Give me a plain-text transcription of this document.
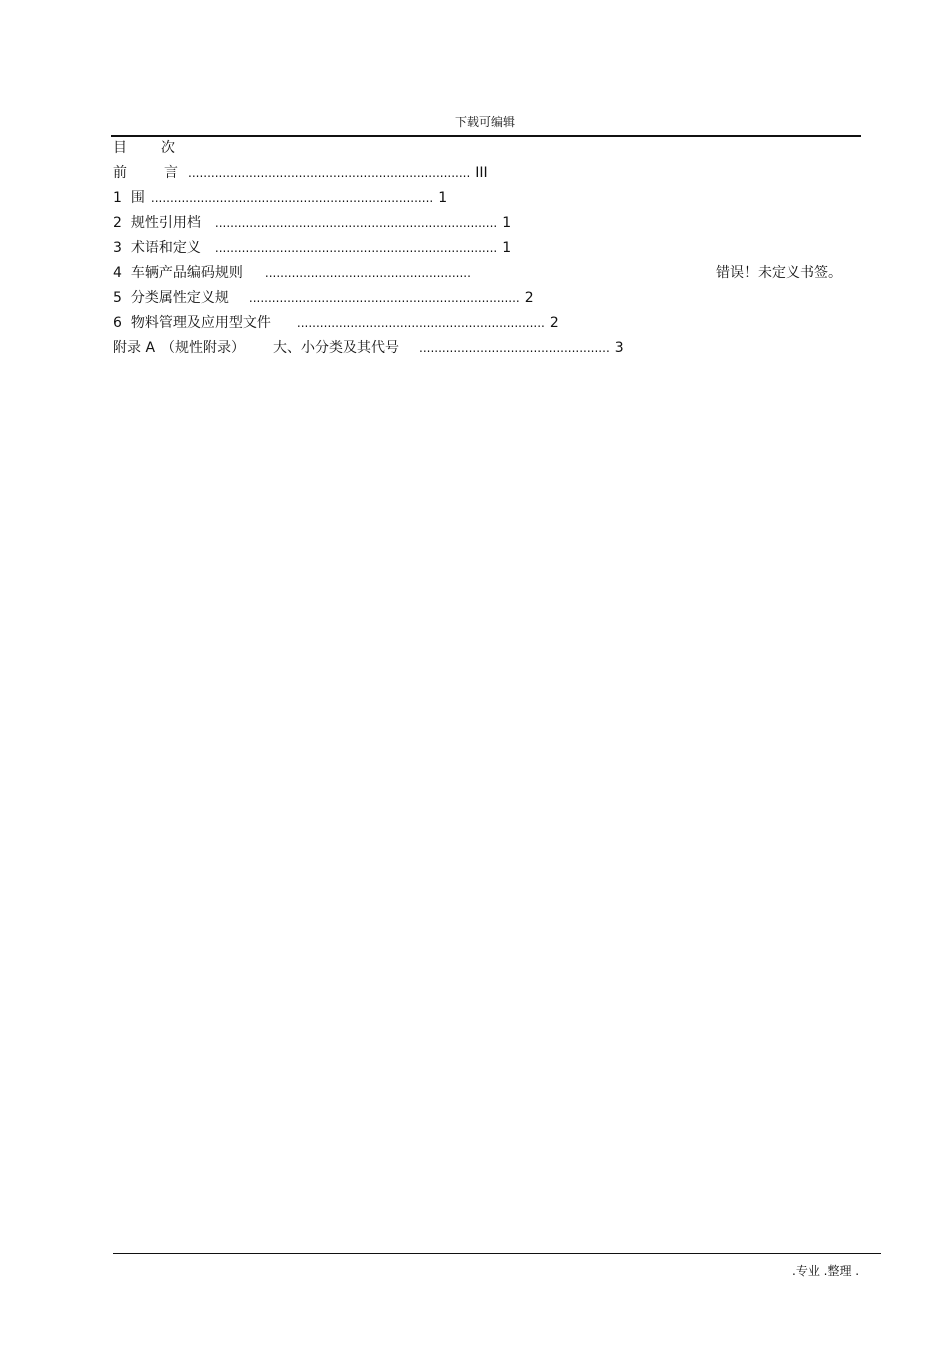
下载可编辑
目 次
前	言 .......................................................................... III
1 围 .......................................................................... 1
2 规性引用档 .......................................................................... 1
3 术语和定义 .......................................................................... 1
4 车辆产品编码规则 ......................................................	错误！未定义书签。
5 分类属性定义规 ....................................................................... 2
6 物料管理及应用型文件 ................................................................. 2
附录 A （规性附录） 大、小分类及其代号 .................................................. 3
.专业 .整理 .
